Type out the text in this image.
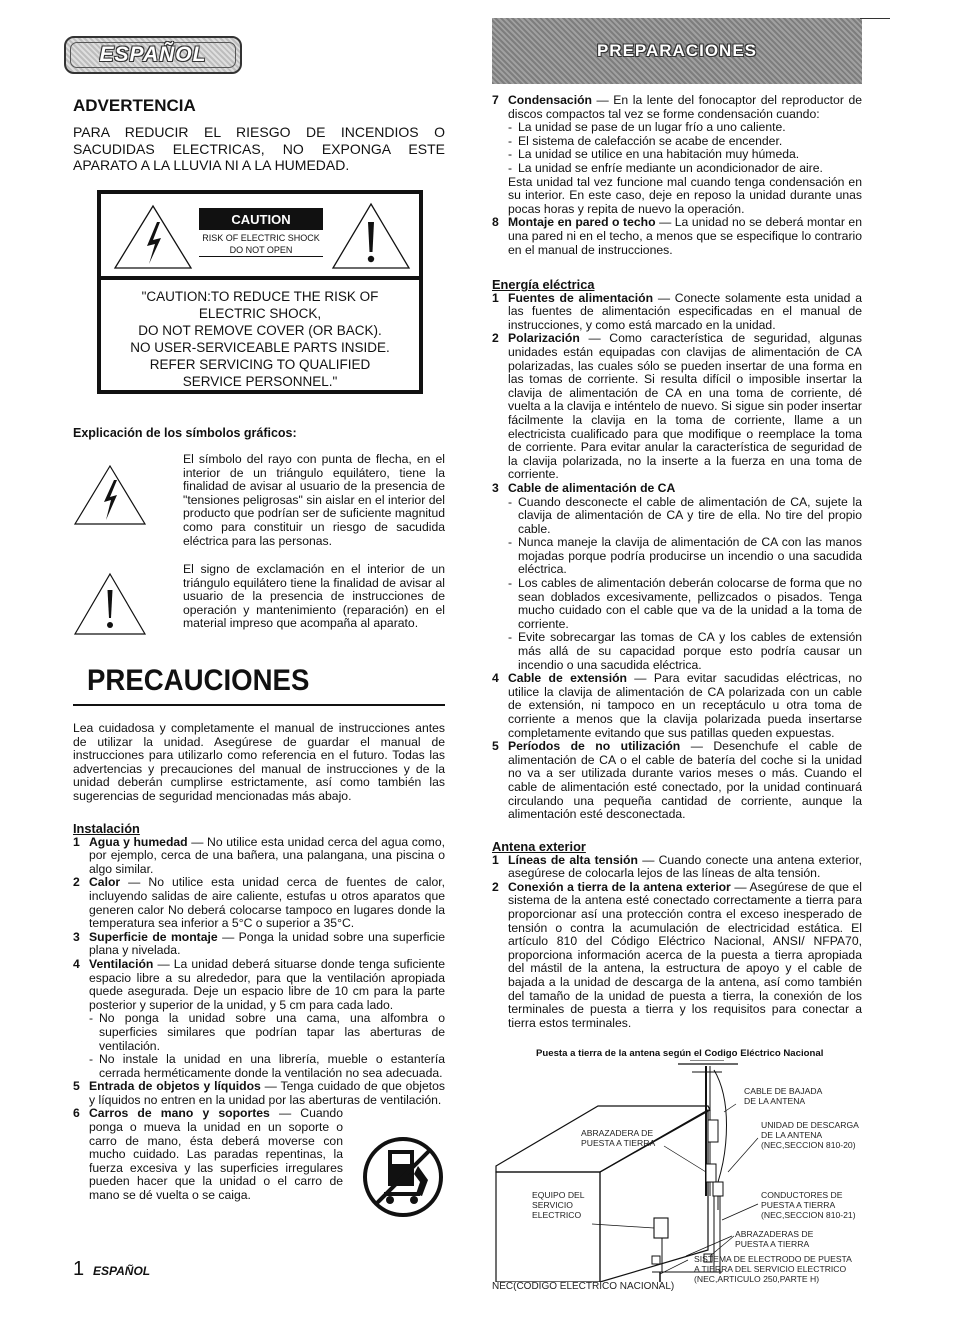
ESPAÑOL	PREPARACIONES
ADVERTENCIA
PARA REDUCIR EL RIESGO DE INCENDIOS O SACUDIDAS ELECTRICAS, NO EXPONGA ESTE APARATO A LA LLUVIA NI A LA HUMEDAD.
CAUTION
RISK OF ELECTRIC SHOCK
DO NOT OPEN
"CAUTION:TO REDUCE THE RISK OF
ELECTRIC SHOCK,
DO NOT REMOVE COVER (OR BACK).
NO USER-SERVICEABLE PARTS INSIDE.
REFER SERVICING TO QUALIFIED
SERVICE PERSONNEL."
Explicación de los símbolos gráficos:
El símbolo del rayo con punta de flecha, en el interior de un triángulo equilátero, tiene la finalidad de avisar al usuario de la presencia de "tensiones peligrosas" sin aislar en el interior del producto que podrían ser de suficiente magnitud como para constituir un riesgo de sacudida eléctrica para las personas.
El signo de exclamación en el interior de un triángulo equilátero tiene la finalidad de avisar al usuario de la presencia de instrucciones de operación y mantenimiento (reparación) en el material impreso que acompaña al aparato.
PRECAUCIONES

Lea cuidadosa y completamente el manual de instrucciones antes de utilizar la unidad. Asegúrese de guardar el manual de instrucciones para utilizarlo como referencia en el futuro. Todas las advertencias y precauciones del manual de instrucciones y de la unidad deberán cumplirse estrictamente, así como también las sugerencias de seguridad mencionadas más abajo.

Instalación
1 Agua y humedad — No utilice esta unidad cerca del agua como, por ejemplo, cerca de una bañera, una palangana, una piscina o algo similar.
2 Calor — No utilice esta unidad cerca de fuentes de calor, incluyendo salidas de aire caliente, estufas u otros aparatos que generen calor No deberá colocarse tampoco en lugares donde la temperatura sea inferior a 5°C o superior a 35°C.
3 Superficie de montaje — Ponga la unidad sobre una superficie plana y nivelada.
4 Ventilación — La unidad deberá situarse donde tenga suficiente espacio libre a su alrededor, para que la ventilación apropiada quede asegurada. Deje un espacio libre de 10 cm para la parte posterior y superior de la unidad, y 5 cm para cada lado.
- No ponga la unidad sobre una cama, una alfombra o superficies similares que podrían tapar las aberturas de ventilación.
- No instale la unidad en una librería, mueble o estantería cerrada herméticamente donde la ventilación no sea adecuada.
5 Entrada de objetos y líquidos — Tenga cuidado de que objetos y líquidos no entren en la unidad por las aberturas de ventilación.
6 Carros de mano y soportes — Cuando ponga o mueva la unidad en un soporte o carro de mano, ésta deberá moverse con mucho cuidado. Las paradas repentinas, la fuerza excesiva y las superficies irregulares pueden hacer que la unidad o el carro de mano se dé vuelta o se caiga.
7 Condensación — En la lente del fonocaptor del reproductor de discos compactos tal vez se forme condensación cuando:
- La unidad se pase de un lugar frío a uno caliente.
- El sistema de calefacción se acabe de encender.
- La unidad se utilice en una habitación muy húmeda.
- La unidad se enfríe mediante un acondicionador de aire.

Esta unidad tal vez funcione mal cuando tenga condensación en su interior. En este caso, deje en reposo la unidad durante unas pocas horas y repita de nuevo la operación.

8 Montaje en pared o techo — La unidad no se deberá montar en una pared ni en el techo, a menos que se especifique lo contrario en el manual de instrucciones.
Energía eléctrica
1 Fuentes de alimentación — Conecte solamente esta unidad a las fuentes de alimentación especificadas en el manual de instrucciones, y como está marcado en la unidad.
2 Polarización — Como característica de seguridad, algunas unidades están equipadas con clavijas de alimentación de CA polarizadas, las cuales sólo se pueden insertar de una forma en las tomas de corriente. Si resulta difícil o imposible insertar la clavija de alimentación de CA en una toma de corriente, dé vuelta a la clavija e inténtelo de nuevo. Si sigue sin poder insertar fácilmente la clavija en la toma de corriente, llame a un electricista cualificado para que modifique o reemplace la toma de corriente. Para evitar anular la característica de seguridad de la clavija polarizada, no la inserte a la fuerza en una toma de corriente.
3 Cable de alimentación de CA
- Cuando desconecte el cable de alimentación de CA, sujete la clavija de alimentación de CA y tire de ella. No tire del propio cable.
- Nunca maneje la clavija de alimentación de CA con las manos mojadas porque podría producirse un incendio o una sacudida eléctrica.
- Los cables de alimentación deberán colocarse de forma que no sean doblados excesivamente, pellizcados o pisados. Tenga mucho cuidado con el cable que va de la unidad a la toma de corriente.
- Evite sobrecargar las tomas de CA y los cables de extensión más allá de su capacidad porque esto podría causar un incendio o una sacudida eléctrica.
4 Cable de extensión — Para evitar sacudidas eléctricas, no utilice la clavija de alimentación de CA polarizada con un cable de extensión, ni tampoco en un receptáculo u otra toma de corriente a menos que la clavija polarizada pueda insertarse completamente evitando que sus patillas queden expuestas.
5 Períodos de no utilización — Desenchufe el cable de alimentación de CA o el cable de batería del coche si la unidad no va a ser utilizada durante varios meses o más. Cuando el cable de alimentación esté conectado, por la unidad continuará circulando una pequeña cantidad de corriente, aunque la alimentación esté desconectada.
Antena exterior
1 Líneas de alta tensión — Cuando conecte una antena exterior, asegúrese de colocarla lejos de las líneas de alta tensión.
2 Conexión a tierra de la antena exterior — Asegúrese de que el sistema de la antena esté conectado correctamente a tierra para proporcionar así una protección contra el exceso inesperado de tensión o contra la acumulación de electricidad estática. El artículo 810 del Código Eléctrico Nacional, ANSI/ NFPA70, proporciona información acerca de la puesta a tierra apropiada del mástil de la antena, la estructura de apoyo y el cable de bajada a la unidad de descarga de la antena, así como también del tamaño de la unidad de puesta a tierra, la conexión de los terminales de puesta a tierra y los requisitos para conectar a tierra estos terminales.
Puesta a tierra de la antena según el Codigo Eléctrico Nacional
CABLE DE BAJADA
DE LA ANTENA
ABRAZADERA DE
PUESTA A TIERRA
UNIDAD DE DESCARGA
DE LA ANTENA
(NEC,SECCION 810-20)
EQUIPO DEL
SERVICIO
ELECTRICO
CONDUCTORES DE
PUESTA A TIERRA
(NEC,SECCION 810-21)
ABRAZADERAS DE
PUESTA A TIERRA
SISTEMA DE ELECTRODO DE PUESTA
A TIERRA DEL SERVICIO ELECTRICO
(NEC,ARTICULO 250,PARTE H)
NEC(CODIGO ELECTRICO NACIONAL)
1 ESPAÑOL
